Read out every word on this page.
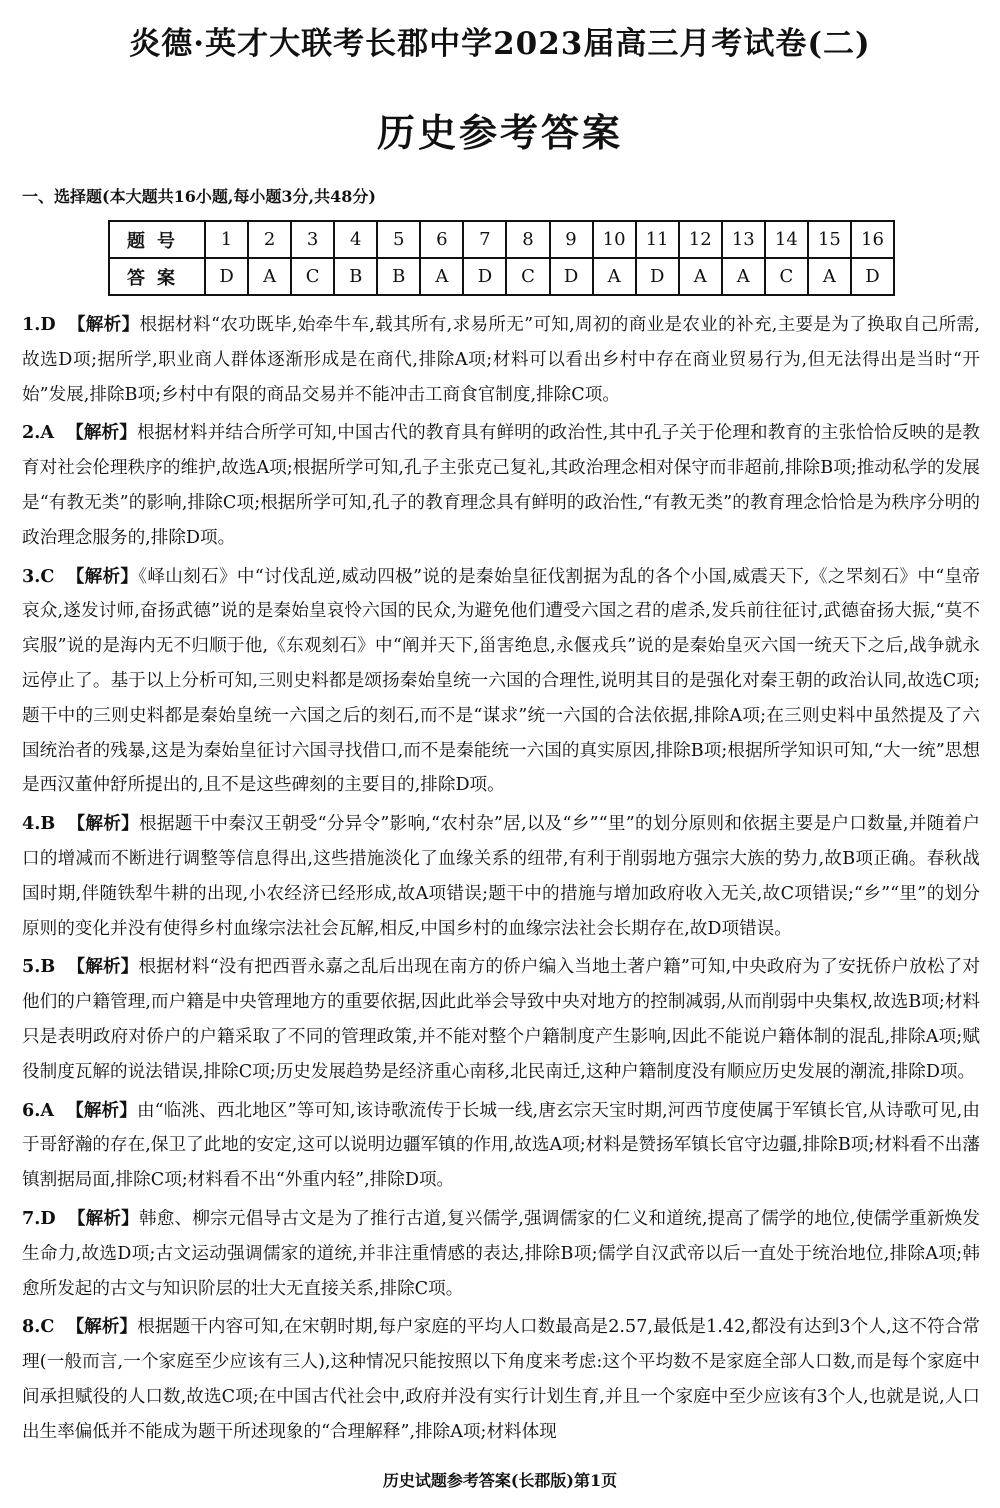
炎德·英才大联考长郡中学2023届高三月考试卷(二)
历史参考答案
一、选择题(本大题共16小题,每小题3分,共48分)
题号	1	2	3	4	5	6	7	8	9	10	11	12	13	14	15	16
答案	D	A	C	B	B	A	D	C	D	A	D	A	A	C	A	D

1.D 【解析】根据材料“农功既毕,始牵牛车,载其所有,求易所无”可知,周初的商业是农业的补充,主要是为了换取自己所需,故选D项;据所学,职业商人群体逐渐形成是在商代,排除A项;材料可以看出乡村中存在商业贸易行为,但无法得出是当时“开始”发展,排除B项;乡村中有限的商品交易并不能冲击工商食官制度,排除C项。

2.A 【解析】根据材料并结合所学可知,中国古代的教育具有鲜明的政治性,其中孔子关于伦理和教育的主张恰恰反映的是教育对社会伦理秩序的维护,故选A项;根据所学可知,孔子主张克己复礼,其政治理念相对保守而非超前,排除B项;推动私学的发展是“有教无类”的影响,排除C项;根据所学可知,孔子的教育理念具有鲜明的政治性,“有教无类”的教育理念恰恰是为秩序分明的政治理念服务的,排除D项。

3.C 【解析】《峄山刻石》中“讨伐乱逆,威动四极”说的是秦始皇征伐割据为乱的各个小国,威震天下,《之罘刻石》中“皇帝哀众,遂发讨师,奋扬武德”说的是秦始皇哀怜六国的民众,为避免他们遭受六国之君的虐杀,发兵前往征讨,武德奋扬大振,“莫不宾服”说的是海内无不归顺于他,《东观刻石》中“阐并天下,甾害绝息,永偃戎兵”说的是秦始皇灭六国一统天下之后,战争就永远停止了。基于以上分析可知,三则史料都是颂扬秦始皇统一六国的合理性,说明其目的是强化对秦王朝的政治认同,故选C项;题干中的三则史料都是秦始皇统一六国之后的刻石,而不是“谋求”统一六国的合法依据,排除A项;在三则史料中虽然提及了六国统治者的残暴,这是为秦始皇征讨六国寻找借口,而不是秦能统一六国的真实原因,排除B项;根据所学知识可知,“大一统”思想是西汉董仲舒所提出的,且不是这些碑刻的主要目的,排除D项。

4.B 【解析】根据题干中秦汉王朝受“分异令”影响,“农村杂”居,以及“乡”“里”的划分原则和依据主要是户口数量,并随着户口的增减而不断进行调整等信息得出,这些措施淡化了血缘关系的纽带,有利于削弱地方强宗大族的势力,故B项正确。春秋战国时期,伴随铁犁牛耕的出现,小农经济已经形成,故A项错误;题干中的措施与增加政府收入无关,故C项错误;“乡”“里”的划分原则的变化并没有使得乡村血缘宗法社会瓦解,相反,中国乡村的血缘宗法社会长期存在,故D项错误。

5.B 【解析】根据材料“没有把西晋永嘉之乱后出现在南方的侨户编入当地土著户籍”可知,中央政府为了安抚侨户放松了对他们的户籍管理,而户籍是中央管理地方的重要依据,因此此举会导致中央对地方的控制减弱,从而削弱中央集权,故选B项;材料只是表明政府对侨户的户籍采取了不同的管理政策,并不能对整个户籍制度产生影响,因此不能说户籍体制的混乱,排除A项;赋役制度瓦解的说法错误,排除C项;历史发展趋势是经济重心南移,北民南迁,这种户籍制度没有顺应历史发展的潮流,排除D项。

6.A 【解析】由“临洮、西北地区”等可知,该诗歌流传于长城一线,唐玄宗天宝时期,河西节度使属于军镇长官,从诗歌可见,由于哥舒瀚的存在,保卫了此地的安定,这可以说明边疆军镇的作用,故选A项;材料是赞扬军镇长官守边疆,排除B项;材料看不出藩镇割据局面,排除C项;材料看不出“外重内轻”,排除D项。

7.D 【解析】韩愈、柳宗元倡导古文是为了推行古道,复兴儒学,强调儒家的仁义和道统,提高了儒学的地位,使儒学重新焕发生命力,故选D项;古文运动强调儒家的道统,并非注重情感的表达,排除B项;儒学自汉武帝以后一直处于统治地位,排除A项;韩愈所发起的古文与知识阶层的壮大无直接关系,排除C项。

8.C 【解析】根据题干内容可知,在宋朝时期,每户家庭的平均人口数最高是2.57,最低是1.42,都没有达到3个人,这不符合常理(一般而言,一个家庭至少应该有三人),这种情况只能按照以下角度来考虑:这个平均数不是家庭全部人口数,而是每个家庭中间承担赋役的人口数,故选C项;在中国古代社会中,政府并没有实行计划生育,并且一个家庭中至少应该有3个人,也就是说,人口出生率偏低并不能成为题干所述现象的“合理解释”,排除A项;材料体现

历史试题参考答案(长郡版)第1页
